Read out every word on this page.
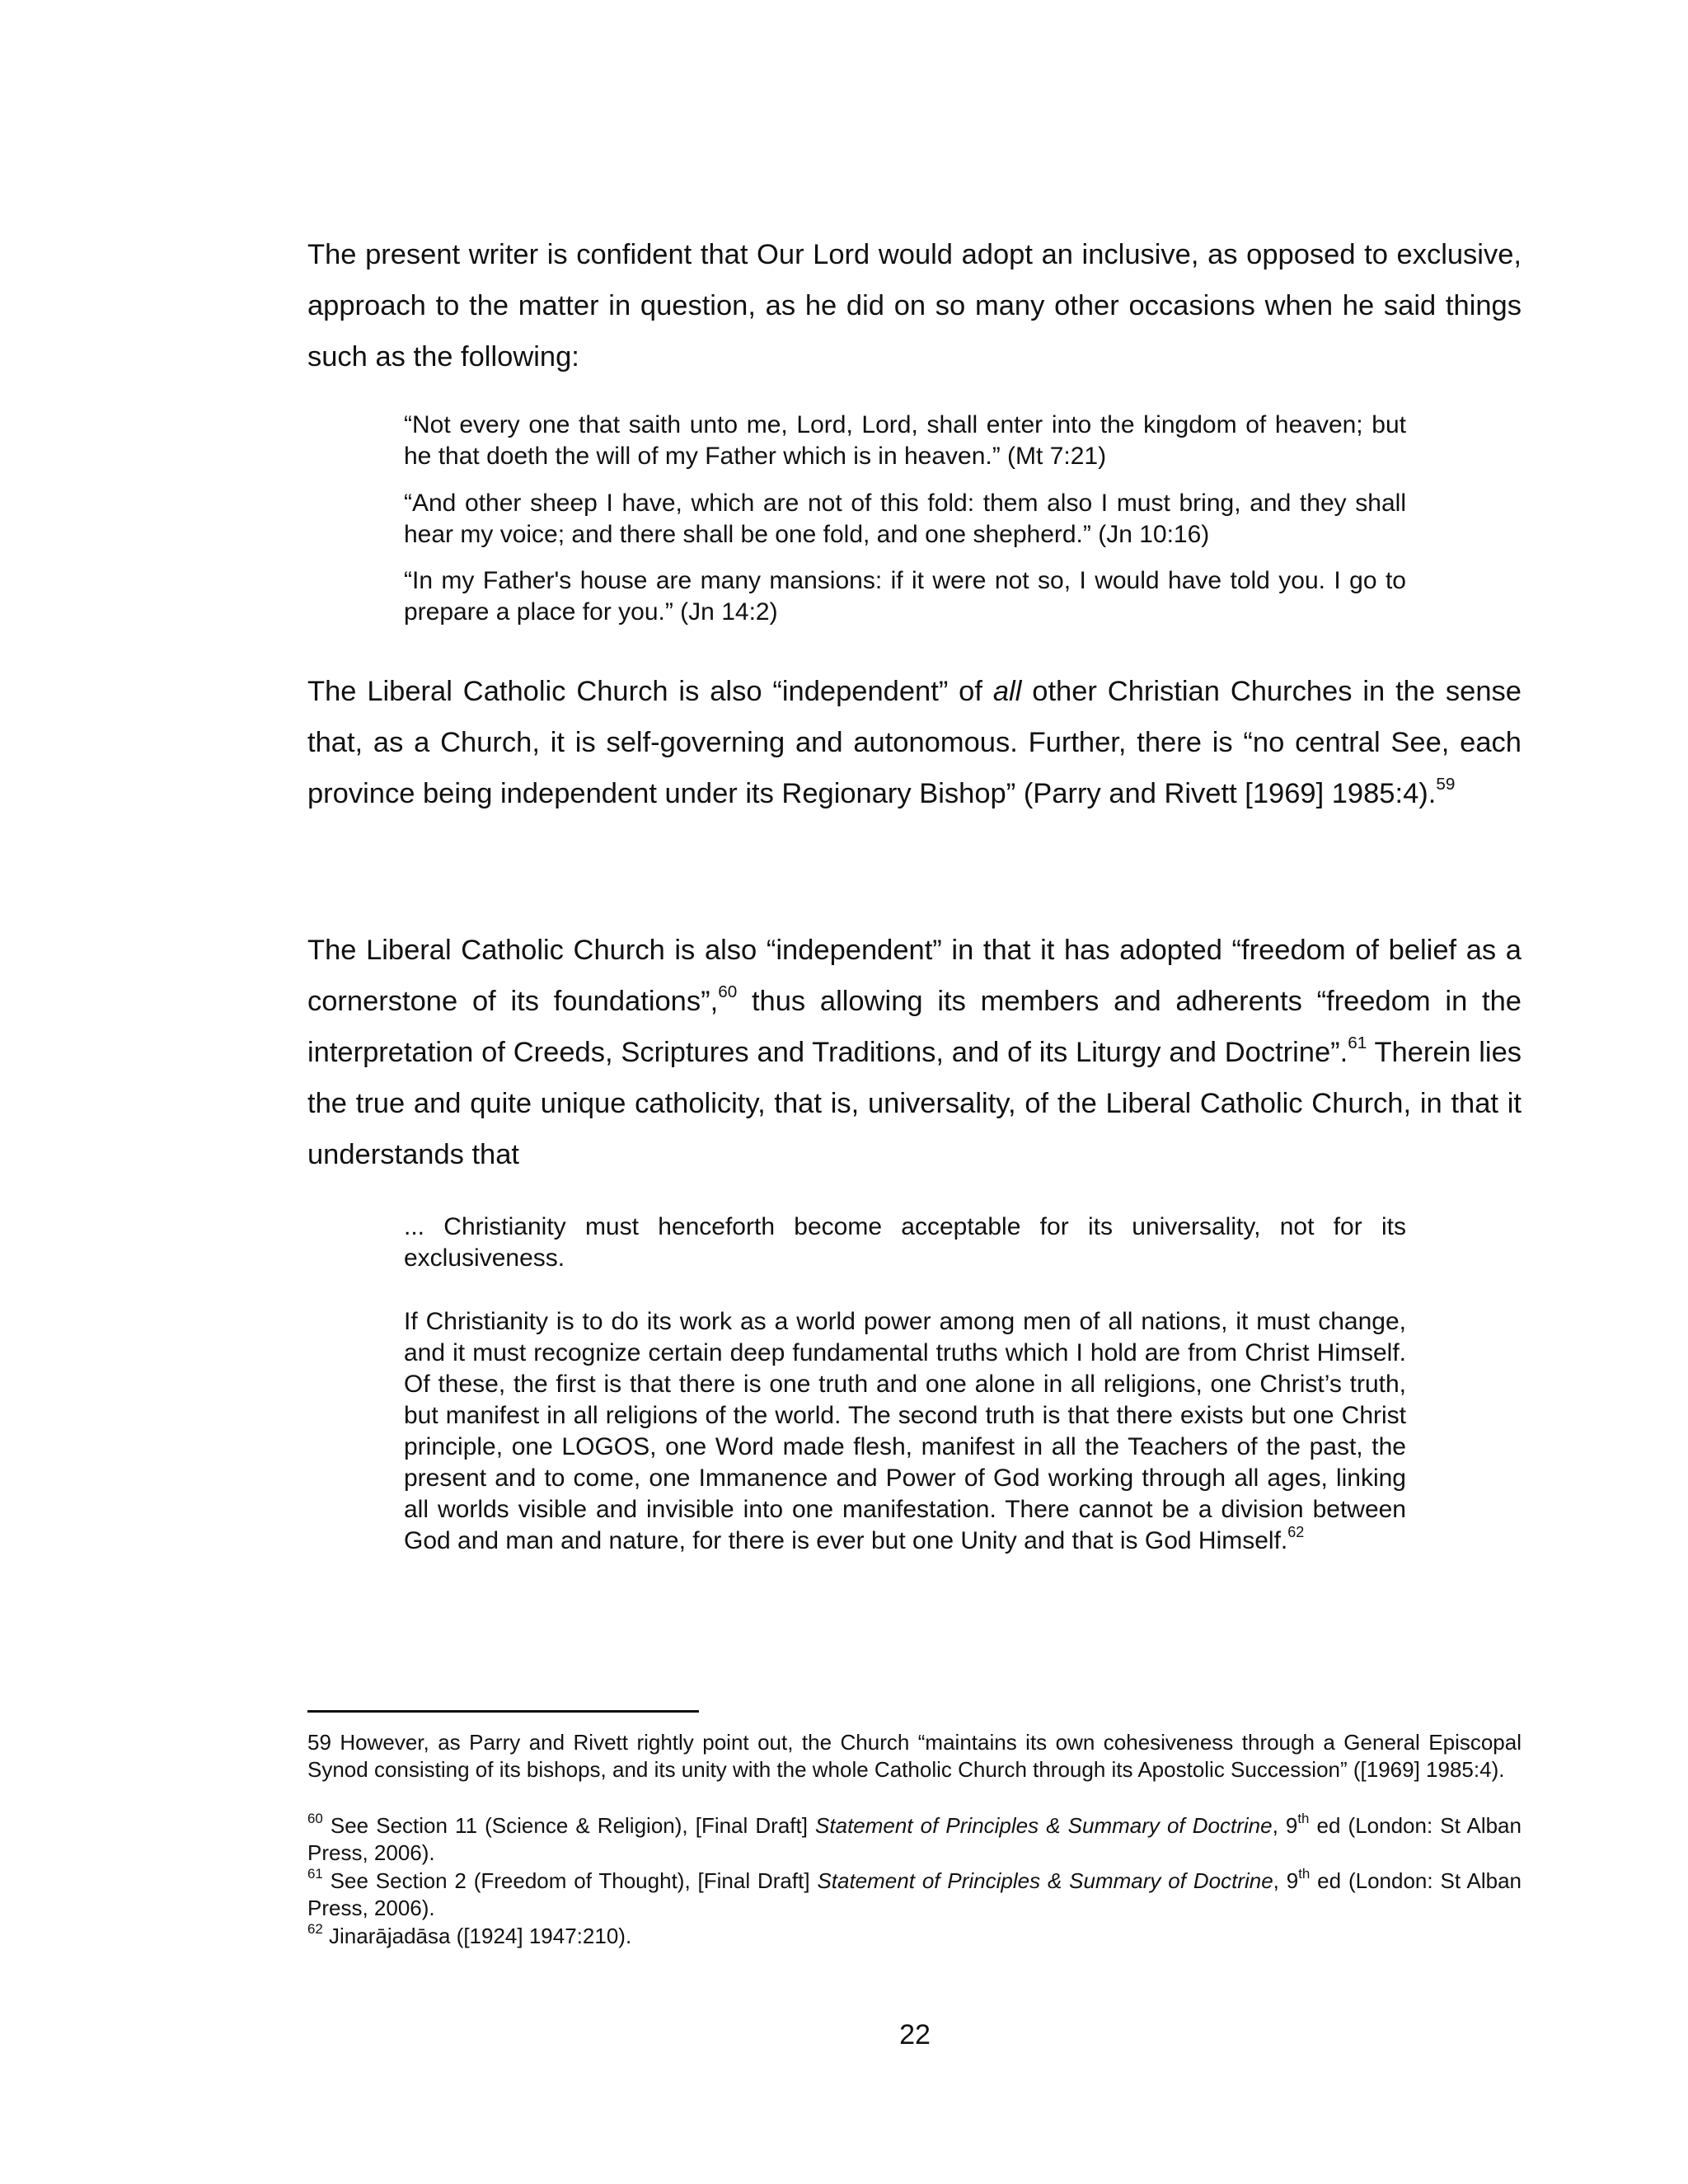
The present writer is confident that Our Lord would adopt an inclusive, as opposed to exclusive, approach to the matter in question, as he did on so many other occasions when he said things such as the following:

“Not every one that saith unto me, Lord, Lord, shall enter into the kingdom of heaven; but he that doeth the will of my Father which is in heaven.” (Mt 7:21)

“And other sheep I have, which are not of this fold: them also I must bring, and they shall hear my voice; and there shall be one fold, and one shepherd.” (Jn 10:16)

“In my Father's house are many mansions: if it were not so, I would have told you. I go to prepare a place for you.” (Jn 14:2)

The Liberal Catholic Church is also “independent” of all other Christian Churches in the sense that, as a Church, it is self-governing and autonomous. Further, there is “no central See, each province being independent under its Regionary Bishop” (Parry and Rivett [1969] 1985:4).$^{59}$

The Liberal Catholic Church is also “independent” in that it has adopted “freedom of belief as a cornerstone of its foundations”,$^{60}$ thus allowing its members and adherents “freedom in the interpretation of Creeds, Scriptures and Traditions, and of its Liturgy and Doctrine”.$^{61}$ Therein lies the true and quite unique catholicity, that is, universality, of the Liberal Catholic Church, in that it understands that

... Christianity must henceforth become acceptable for its universality, not for its exclusiveness.

If Christianity is to do its work as a world power among men of all nations, it must change, and it must recognize certain deep fundamental truths which I hold are from Christ Himself. Of these, the first is that there is one truth and one alone in all religions, one Christ’s truth, but manifest in all religions of the world. The second truth is that there exists but one Christ principle, one LOGOS, one Word made flesh, manifest in all the Teachers of the past, the present and to come, one Immanence and Power of God working through all ages, linking all worlds visible and invisible into one manifestation. There cannot be a division between God and man and nature, for there is ever but one Unity and that is God Himself.$^{62}$

59 However, as Parry and Rivett rightly point out, the Church “maintains its own cohesiveness through a General Episcopal Synod consisting of its bishops, and its unity with the whole Catholic Church through its Apostolic Succession” ([1969] 1985:4).

$^{60}$ See Section 11 (Science & Religion), [Final Draft] Statement of Principles & Summary of Doctrine, 9th ed (London: St Alban Press, 2006).

$^{61}$ See Section 2 (Freedom of Thought), [Final Draft] Statement of Principles & Summary of Doctrine, 9th ed (London: St Alban Press, 2006).

$^{62}$ Jinarājadāsa ([1924] 1947:210).

22
